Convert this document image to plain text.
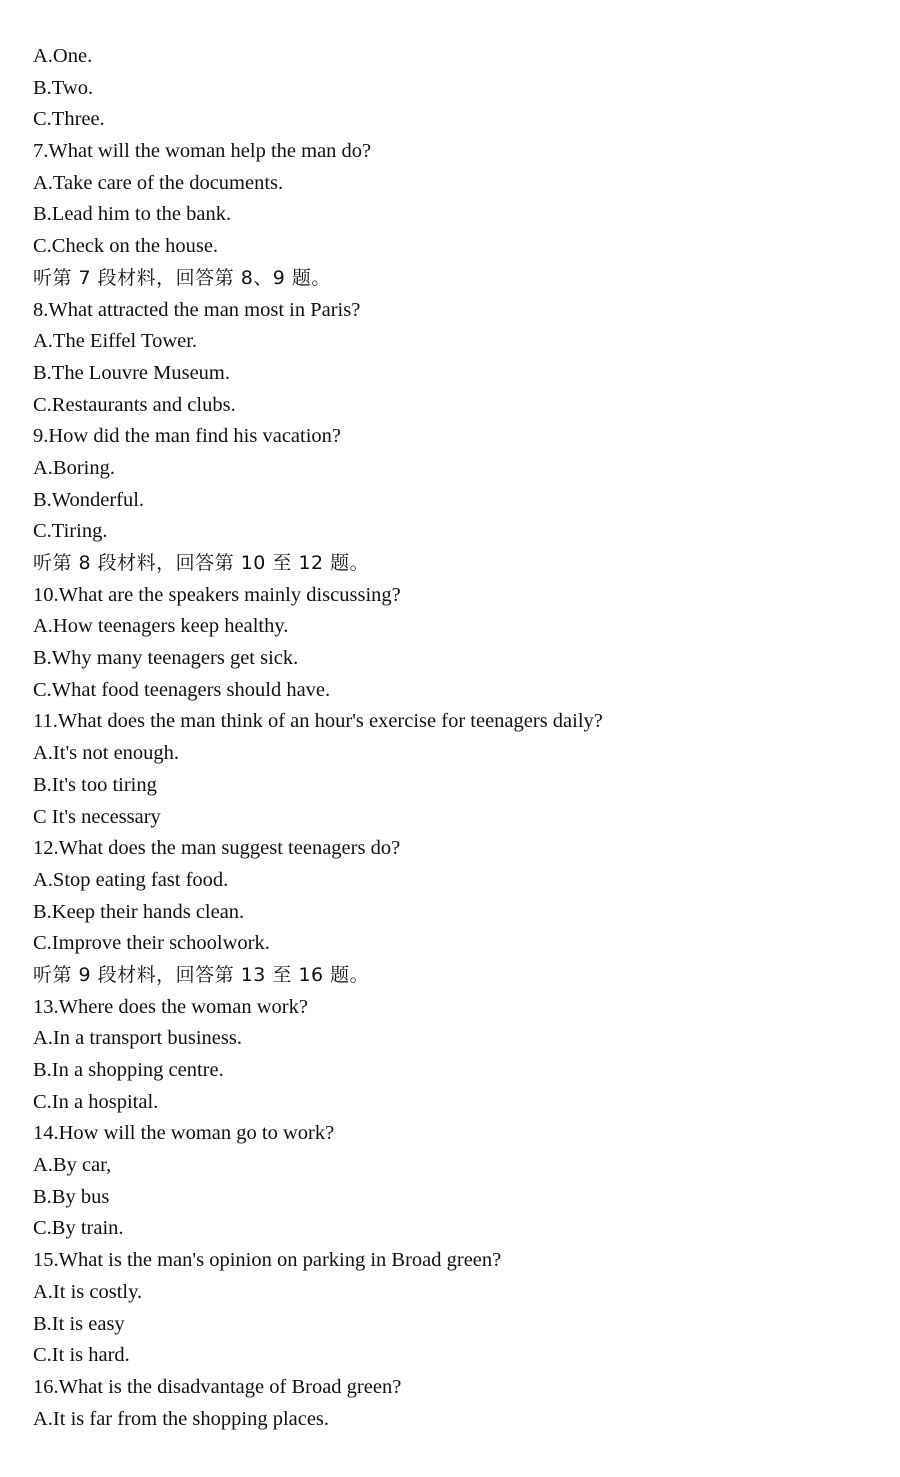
A.One.
B.Two.
C.Three.
7.What will the woman help the man do?
A.Take care of the documents.
B.Lead him to the bank.
C.Check on the house.
听第 7 段材料，回答第 8、9 题。
8.What attracted the man most in Paris?
A.The Eiffel Tower.
B.The Louvre Museum.
C.Restaurants and clubs.
9.How did the man find his vacation?
A.Boring.
B.Wonderful.
C.Tiring.
听第 8 段材料，回答第 10 至 12 题。
10.What are the speakers mainly discussing?
A.How teenagers keep healthy.
B.Why many teenagers get sick.
C.What food teenagers should have.
11.What does the man think of an hour's exercise for teenagers daily?
A.It's not enough.
B.It's too tiring
C It's necessary
12.What does the man suggest teenagers do?
A.Stop eating fast food.
B.Keep their hands clean.
C.Improve their schoolwork.
听第 9 段材料，回答第 13 至 16 题。
13.Where does the woman work?
A.In a transport business.
B.In a shopping centre.
C.In a hospital.
14.How will the woman go to work?
A.By car,
B.By bus
C.By train.
15.What is the man's opinion on parking in Broad green?
A.It is costly.
B.It is easy
C.It is hard.
16.What is the disadvantage of Broad green?
A.It is far from the shopping places.
